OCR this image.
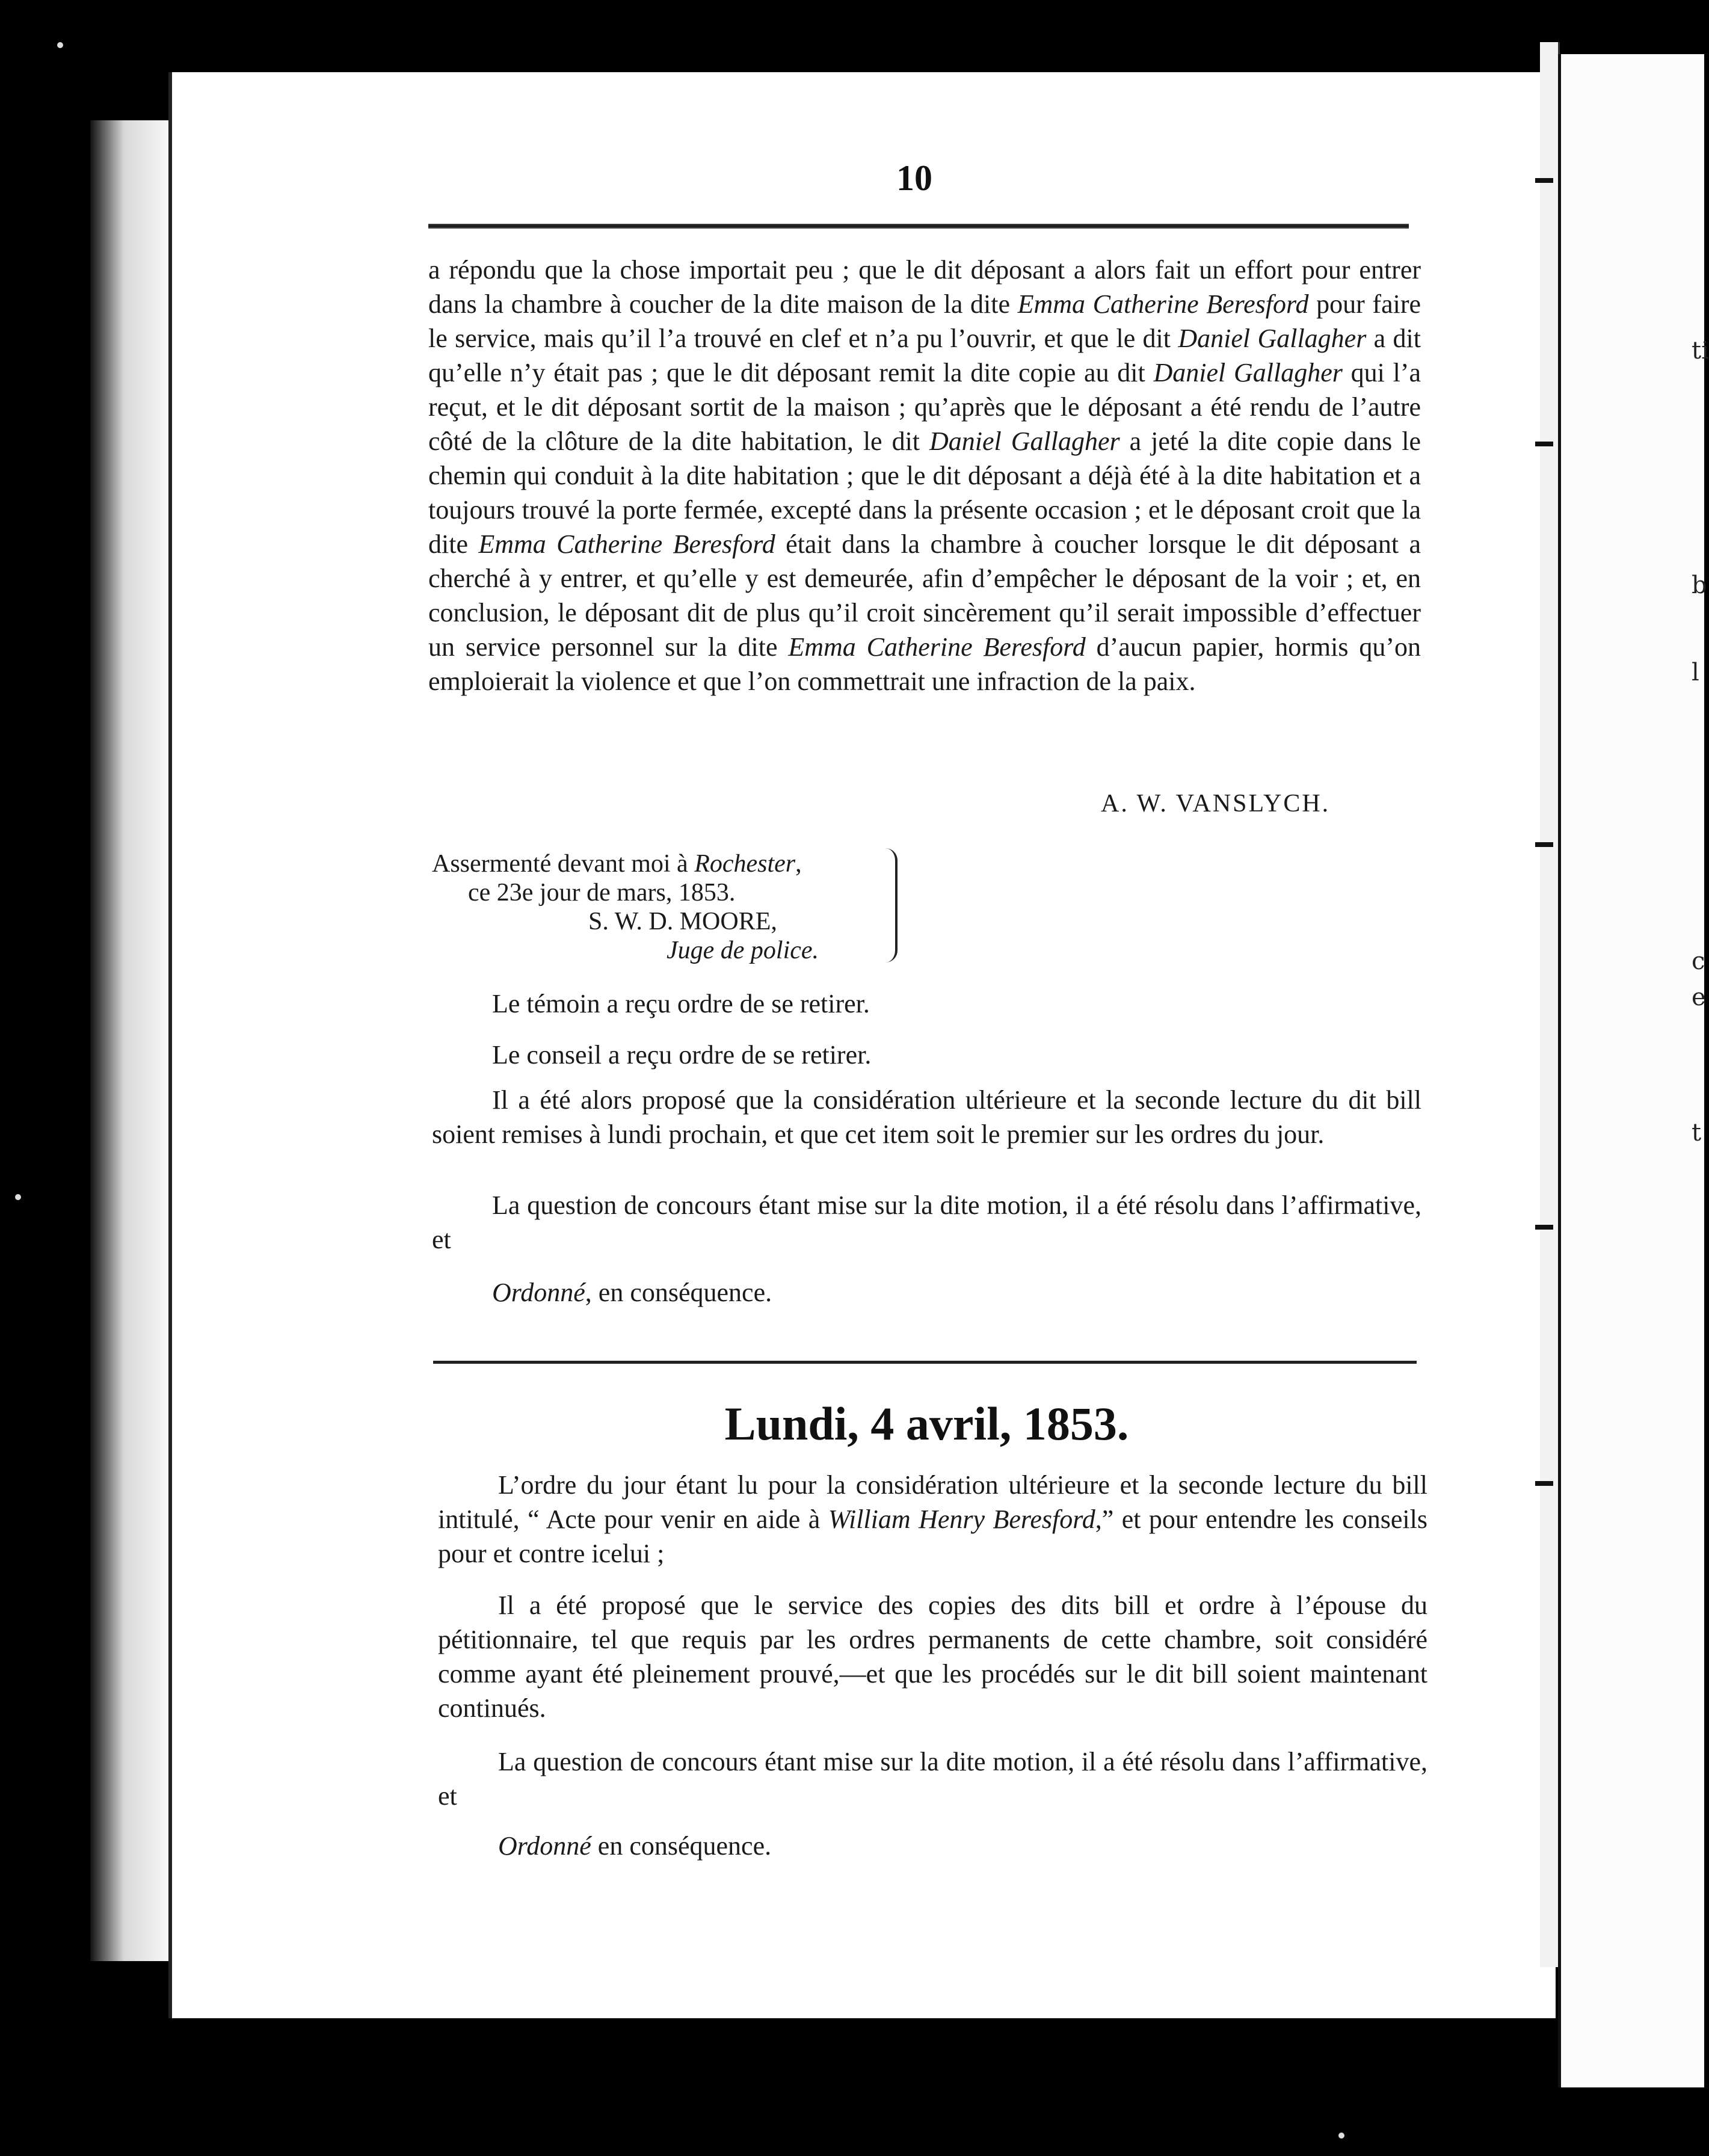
ti
b
l
c
e
t
10
a répondu que la chose importait peu ; que le dit déposant a alors fait un effort pour entrer dans la chambre à coucher de la dite maison de la dite Emma Catherine Beresford pour faire le service, mais qu’il l’a trouvé en clef et n’a pu l’ouvrir, et que le dit Daniel Gallagher a dit qu’elle n’y était pas ; que le dit déposant remit la dite copie au dit Daniel Gallagher qui l’a reçut, et le dit déposant sortit de la maison ; qu’après que le déposant a été rendu de l’autre côté de la clôture de la dite habitation, le dit Daniel Gallagher a jeté la dite copie dans le chemin qui conduit à la dite habitation ; que le dit déposant a déjà été à la dite habitation et a toujours trouvé la porte fermée, excepté dans la présente occasion ; et le déposant croit que la dite Emma Catherine Beresford était dans la chambre à coucher lorsque le dit déposant a cherché à y entrer, et qu’elle y est demeurée, afin d’empêcher le déposant de la voir ; et, en conclusion, le déposant dit de plus qu’il croit sincèrement qu’il serait impossible d’effectuer un service personnel sur la dite Emma Catherine Beresford d’aucun papier, hormis qu’on emploierait la violence et que l’on commettrait une infraction de la paix.
A. W. VANSLYCH.
Assermenté devant moi à Rochester,
ce 23e jour de mars, 1853.
S. W. D. MOORE,
Juge de police.

Le témoin a reçu ordre de se retirer.

Le conseil a reçu ordre de se retirer.

Il a été alors proposé que la considération ultérieure et la seconde lecture du dit bill soient remises à lundi prochain, et que cet item soit le premier sur les ordres du jour.

La question de concours étant mise sur la dite motion, il a été résolu dans l’affirmative, et

Ordonné, en conséquence.

Lundi, 4 avril, 1853.

L’ordre du jour étant lu pour la considération ultérieure et la seconde lecture du bill intitulé, “ Acte pour venir en aide à William Henry Beresford,” et pour entendre les conseils pour et contre icelui ;

Il a été proposé que le service des copies des dits bill et ordre à l’épouse du pétitionnaire, tel que requis par les ordres permanents de cette chambre, soit considéré comme ayant été pleinement prouvé,—et que les procédés sur le dit bill soient maintenant continués.

La question de concours étant mise sur la dite motion, il a été résolu dans l’affirmative, et

Ordonné en conséquence.
